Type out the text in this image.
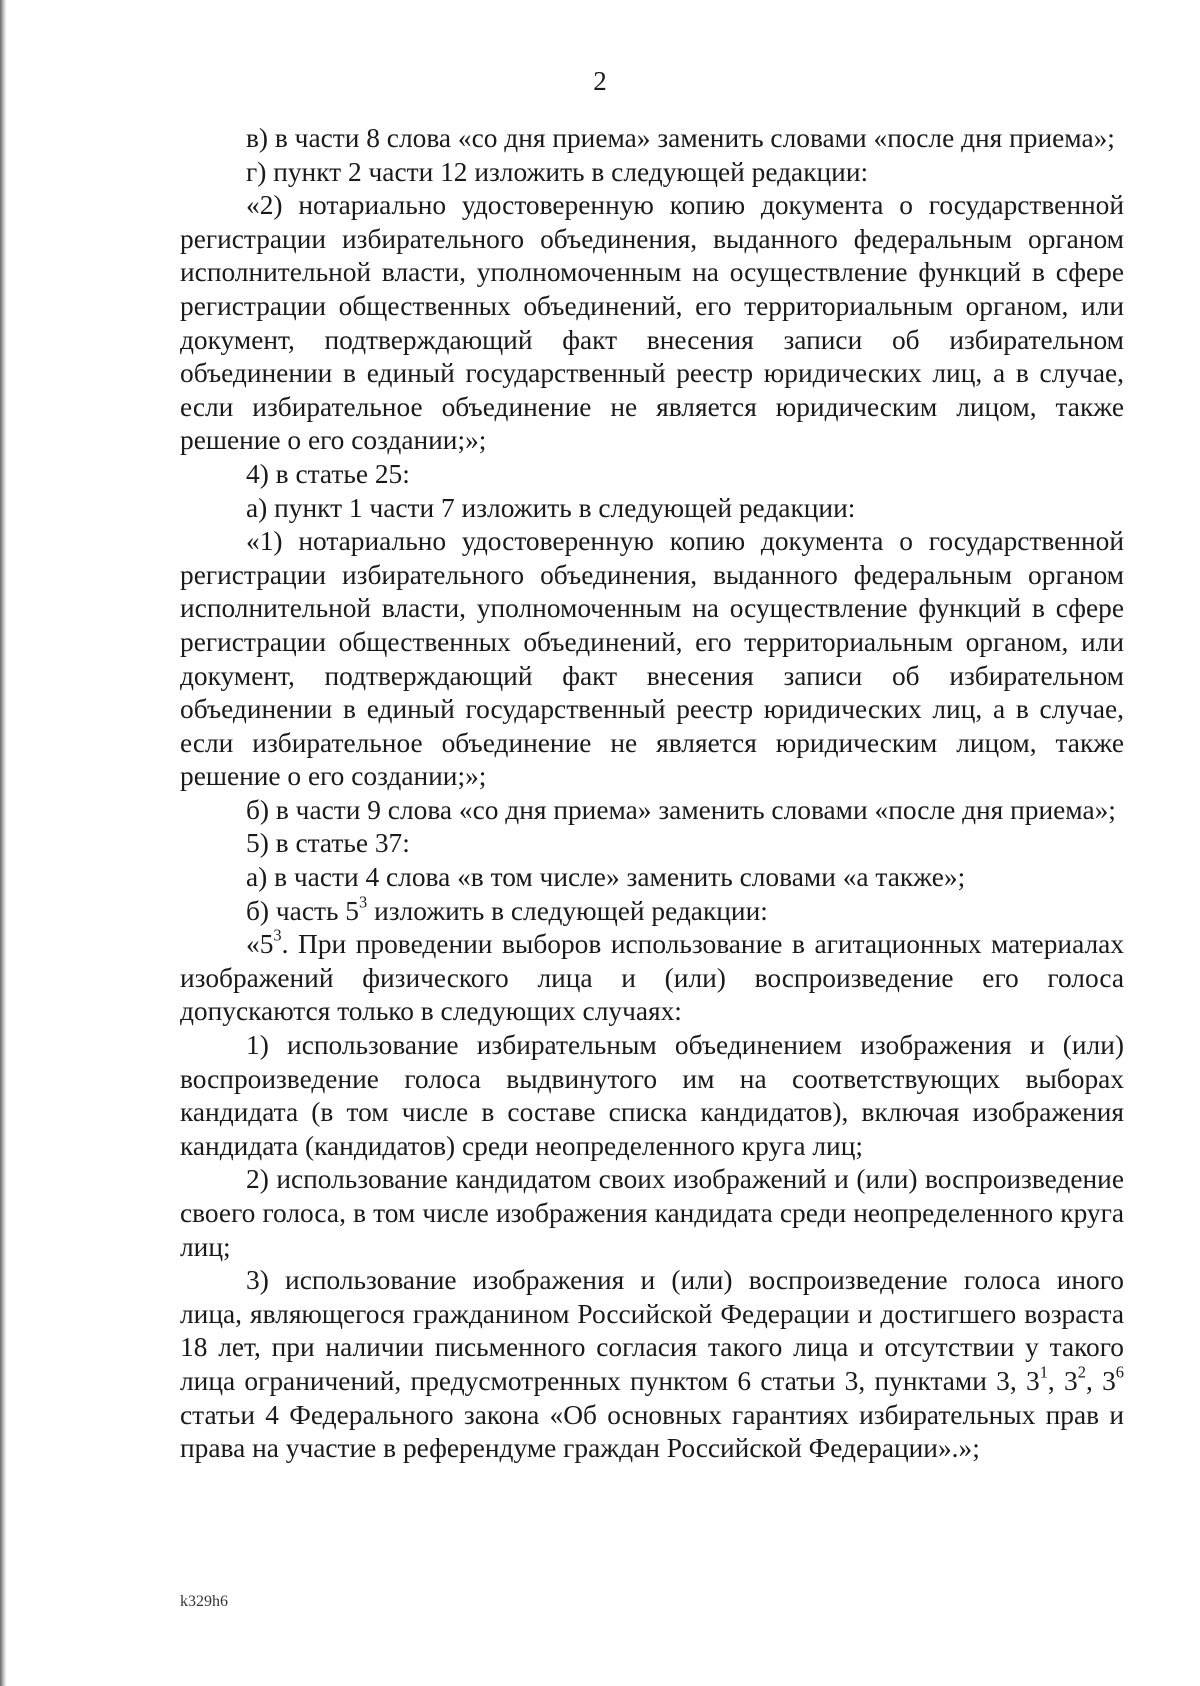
2

в) в части 8 слова «со дня приема» заменить словами «после дня приема»;

г) пункт 2 части 12 изложить в следующей редакции:

«2) нотариально удостоверенную копию документа о государственной регистрации избирательного объединения, выданного федеральным органом исполнительной власти, уполномоченным на осуществление функций в сфере регистрации общественных объединений, его территориальным органом, или документ, подтверждающий факт внесения записи об избирательном объединении в единый государственный реестр юридических лиц, а в случае, если избирательное объединение не является юридическим лицом, также решение о его создании;»;

4) в статье 25:

а) пункт 1 части 7 изложить в следующей редакции:

«1) нотариально удостоверенную копию документа о государственной регистрации избирательного объединения, выданного федеральным органом исполнительной власти, уполномоченным на осуществление функций в сфере регистрации общественных объединений, его территориальным органом, или документ, подтверждающий факт внесения записи об избирательном объединении в единый государственный реестр юридических лиц, а в случае, если избирательное объединение не является юридическим лицом, также решение о его создании;»;

б) в части 9 слова «со дня приема» заменить словами «после дня приема»;

5) в статье 37:

а) в части 4 слова «в том числе» заменить словами «а также»;

б) часть $5^3$ изложить в следующей редакции:

«$5^3$. При проведении выборов использование в агитационных материалах изображений физического лица и (или) воспроизведение его голоса допускаются только в следующих случаях:

1) использование избирательным объединением изображения и (или) воспроизведение голоса выдвинутого им на соответствующих выборах кандидата (в том числе в составе списка кандидатов), включая изображения кандидата (кандидатов) среди неопределенного круга лиц;

2) использование кандидатом своих изображений и (или) воспроизведение своего голоса, в том числе изображения кандидата среди неопределенного круга лиц;

3) использование изображения и (или) воспроизведение голоса иного лица, являющегося гражданином Российской Федерации и достигшего возраста 18 лет, при наличии письменного согласия такого лица и отсутствии у такого лица ограничений, предусмотренных пунктом 6 статьи 3, пунктами 3, $3^1$, $3^2$, $3^6$ статьи 4 Федерального закона «Об основных гарантиях избирательных прав и права на участие в референдуме граждан Российской Федерации».»;

k329h6
